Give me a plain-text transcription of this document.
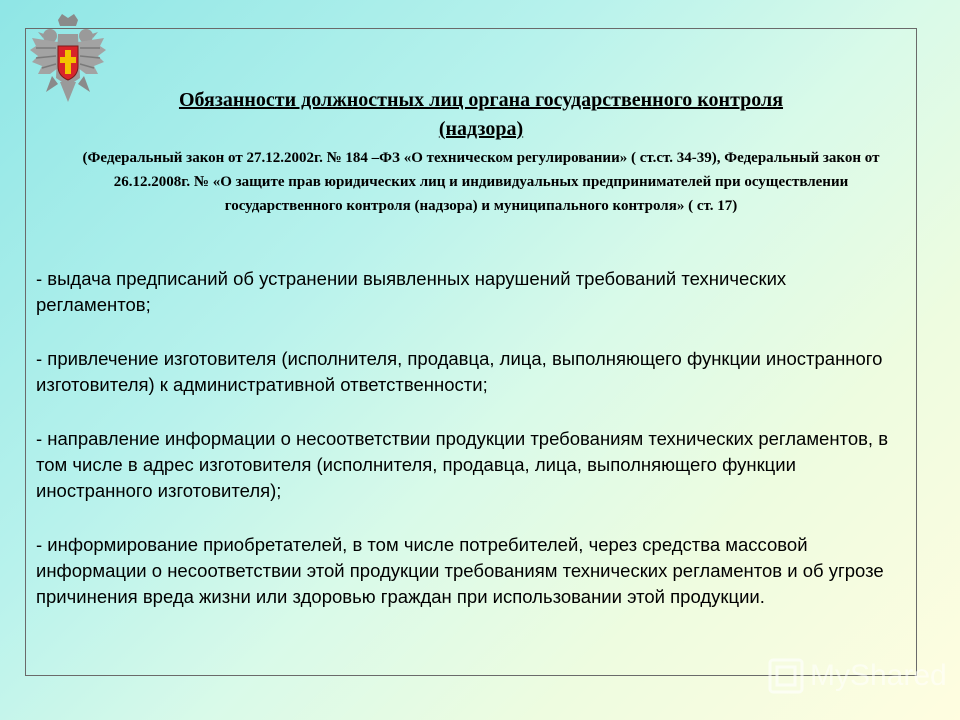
Обязанности должностных лиц органа государственного контроля
(надзора)

(Федеральный закон от 27.12.2002г. № 184 –ФЗ «О техническом регулировании» ( ст.ст. 34-39), Федеральный закон от 26.12.2008г. № «О защите прав юридических лиц и индивидуальных предпринимателей при осуществлении государственного контроля (надзора) и муниципального контроля» ( ст. 17)

- выдача предписаний об устранении выявленных нарушений требований технических регламентов;

- привлечение изготовителя (исполнителя, продавца, лица, выполняющего функции иностранного изготовителя) к административной ответственности;

- направление информации о несоответствии продукции требованиям технических регламентов, в том числе в адрес изготовителя (исполнителя, продавца, лица, выполняющего функции иностранного изготовителя);

- информирование приобретателей, в том числе потребителей, через средства массовой информации о несоответствии этой продукции требованиям технических регламентов и об угрозе причинения вреда жизни или здоровью граждан при использовании этой продукции.

MyShared
